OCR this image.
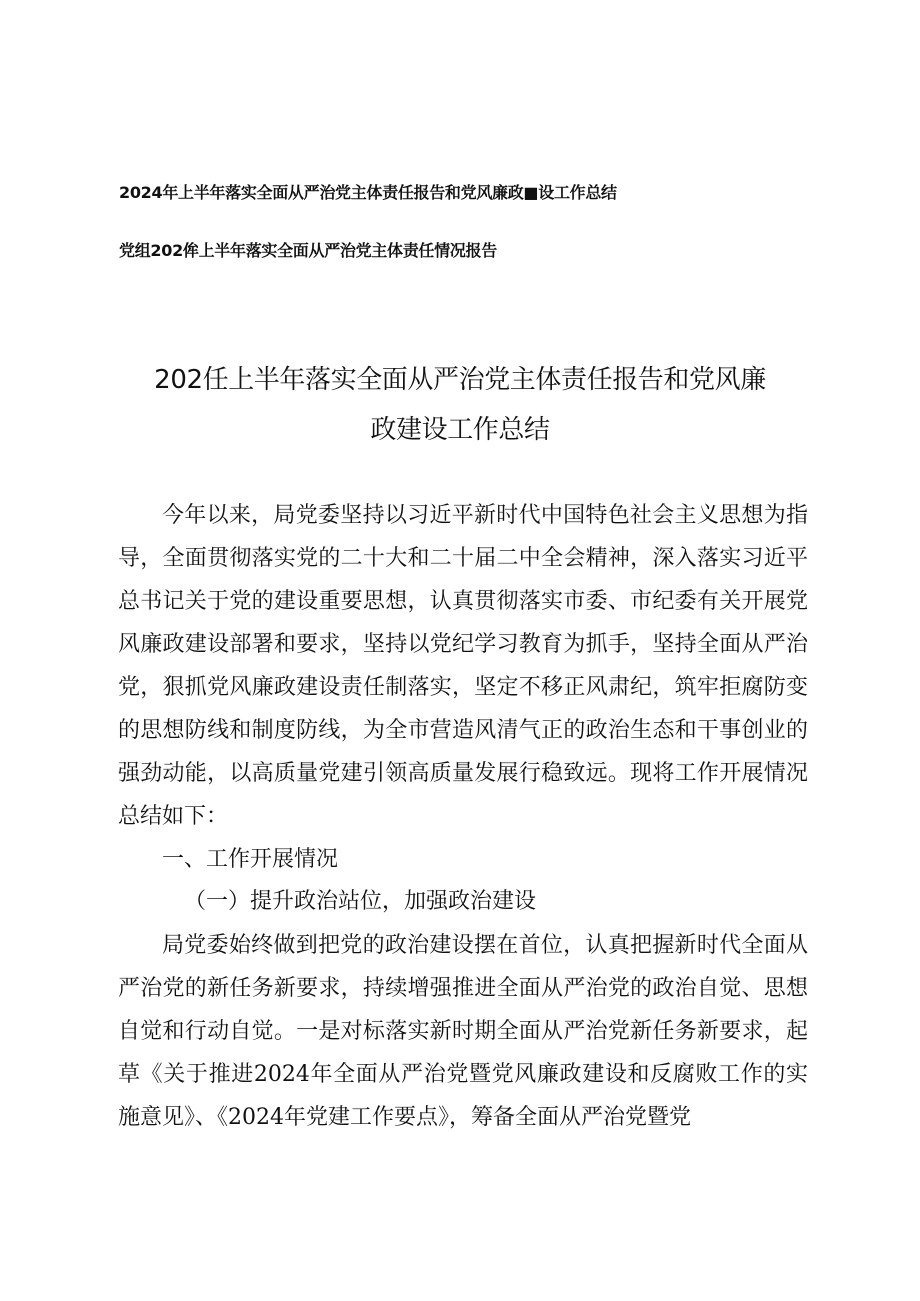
2024年上半年落实全面从严治党主体责任报告和党风廉政■设工作总结
党组202侔上半年落实全面从严治党主体责任情况报告
202任上半年落实全面从严治党主体责任报告和党风廉
政建设工作总结

今年以来，局党委坚持以习近平新时代中国特色社会主义思想为指导，全面贯彻落实党的二十大和二十届二中全会精神，深入落实习近平总书记关于党的建设重要思想，认真贯彻落实市委、市纪委有关开展党风廉政建设部署和要求，坚持以党纪学习教育为抓手，坚持全面从严治党，狠抓党风廉政建设责任制落实，坚定不移正风肃纪，筑牢拒腐防变的思想防线和制度防线，为全市营造风清气正的政治生态和干事创业的强劲动能，以高质量党建引领高质量发展行稳致远。现将工作开展情况总结如下：

一、工作开展情况
（一）提升政治站位，加强政治建设

局党委始终做到把党的政治建设摆在首位，认真把握新时代全面从严治党的新任务新要求，持续增强推进全面从严治党的政治自觉、思想自觉和行动自觉。一是对标落实新时期全面从严治党新任务新要求，起草《关于推进2024年全面从严治党暨党风廉政建设和反腐败工作的实施意见》、《2024年党建工作要点》，筹备全面从严治党暨党
